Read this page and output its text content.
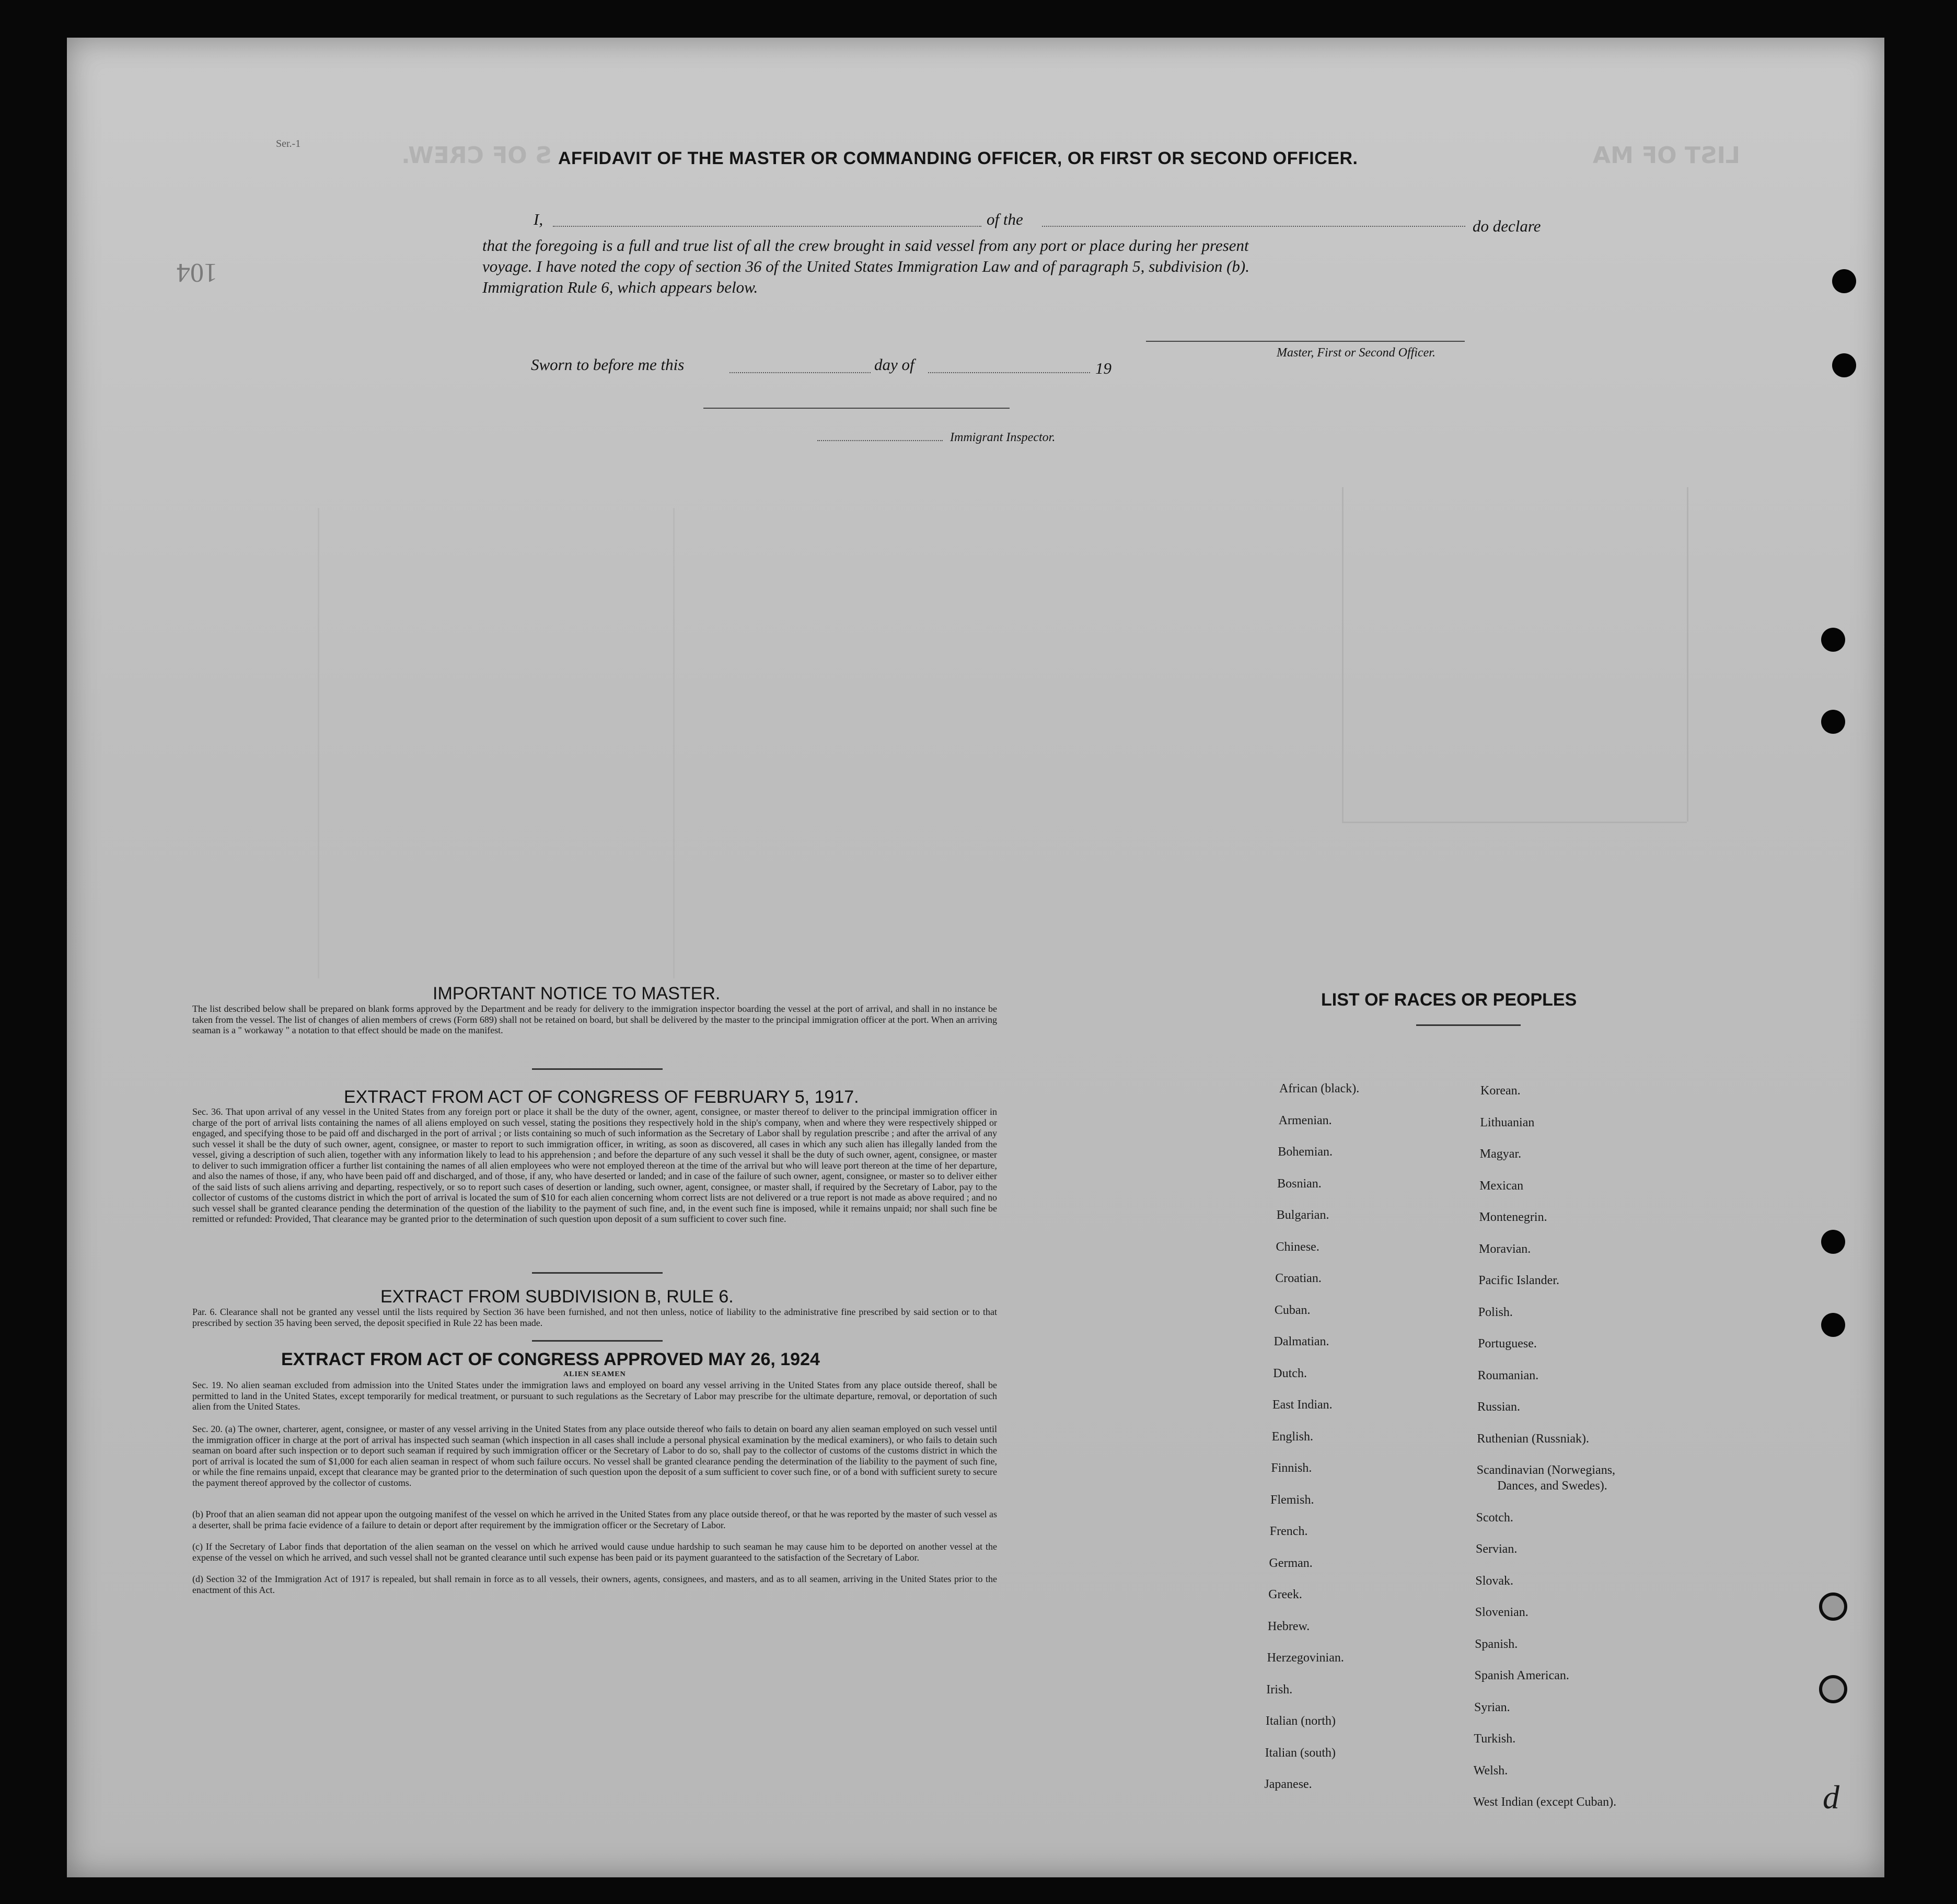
LIST OF MA
S OF CREW.
Ser.-1
104
AFFIDAVIT OF THE MASTER OR COMMANDING OFFICER, OR FIRST OR SECOND OFFICER.
I,	of the	do declare
that the foregoing is a full and true list of all the crew brought in said vessel from any port or place during her present
voyage. I have noted the copy of section 36 of the United States Immigration Law and of paragraph 5, subdivision (b).
Immigration Rule 6, which appears below.
Master, First or Second Officer.
Sworn to before me this	day of	19
Immigrant Inspector.
IMPORTANT NOTICE TO MASTER.
The list described below shall be prepared on blank forms approved by the Department and be ready for delivery to the immigration inspector boarding the vessel at the port of arrival, and shall in no instance be taken from the vessel. The list of changes of alien members of crews (Form 689) shall not be retained on board, but shall be delivered by the master to the principal immigration officer at the port. When an arriving seaman is a " workaway " a notation to that effect should be made on the manifest.
EXTRACT FROM ACT OF CONGRESS OF FEBRUARY 5, 1917.
Sec. 36. That upon arrival of any vessel in the United States from any foreign port or place it shall be the duty of the owner, agent, consignee, or master thereof to deliver to the principal immigration officer in charge of the port of arrival lists containing the names of all aliens employed on such vessel, stating the positions they respectively hold in the ship's company, when and where they were respectively shipped or engaged, and specifying those to be paid off and discharged in the port of arrival ; or lists containing so much of such information as the Secretary of Labor shall by regulation prescribe ; and after the arrival of any such vessel it shall be the duty of such owner, agent, consignee, or master to report to such immigration officer, in writing, as soon as discovered, all cases in which any such alien has illegally landed from the vessel, giving a description of such alien, together with any information likely to lead to his apprehension ; and before the departure of any such vessel it shall be the duty of such owner, agent, consignee, or master to deliver to such immigration officer a further list containing the names of all alien employees who were not employed thereon at the time of the arrival but who will leave port thereon at the time of her departure, and also the names of those, if any, who have been paid off and discharged, and of those, if any, who have deserted or landed; and in case of the failure of such owner, agent, consignee, or master so to deliver either of the said lists of such aliens arriving and departing, respectively, or so to report such cases of desertion or landing, such owner, agent, consignee, or master shall, if required by the Secretary of Labor, pay to the collector of customs of the customs district in which the port of arrival is located the sum of $10 for each alien concerning whom correct lists are not delivered or a true report is not made as above required ; and no such vessel shall be granted clearance pending the determination of the question of the liability to the payment of such fine, and, in the event such fine is imposed, while it remains unpaid; nor shall such fine be remitted or refunded: Provided, That clearance may be granted prior to the determination of such question upon deposit of a sum sufficient to cover such fine.
EXTRACT FROM SUBDIVISION B, RULE 6.
Par. 6. Clearance shall not be granted any vessel until the lists required by Section 36 have been furnished, and not then unless, notice of liability to the administrative fine prescribed by said section or to that prescribed by section 35 having been served, the deposit specified in Rule 22 has been made.
EXTRACT FROM ACT OF CONGRESS APPROVED MAY 26, 1924
ALIEN SEAMEN
Sec. 19. No alien seaman excluded from admission into the United States under the immigration laws and employed on board any vessel arriving in the United States from any place outside thereof, shall be permitted to land in the United States, except temporarily for medical treatment, or pursuant to such regulations as the Secretary of Labor may prescribe for the ultimate departure, removal, or deportation of such alien from the United States.
Sec. 20. (a) The owner, charterer, agent, consignee, or master of any vessel arriving in the United States from any place outside thereof who fails to detain on board any alien seaman employed on such vessel until the immigration officer in charge at the port of arrival has inspected such seaman (which inspection in all cases shall include a personal physical examination by the medical examiners), or who fails to detain such seaman on board after such inspection or to deport such seaman if required by such immigration officer or the Secretary of Labor to do so, shall pay to the collector of customs of the customs district in which the port of arrival is located the sum of $1,000 for each alien seaman in respect of whom such failure occurs. No vessel shall be granted clearance pending the determination of the liability to the payment of such fine, or while the fine remains unpaid, except that clearance may be granted prior to the determination of such question upon the deposit of a sum sufficient to cover such fine, or of a bond with sufficient surety to secure the payment thereof approved by the collector of customs.
(b) Proof that an alien seaman did not appear upon the outgoing manifest of the vessel on which he arrived in the United States from any place outside thereof, or that he was reported by the master of such vessel as a deserter, shall be prima facie evidence of a failure to detain or deport after requirement by the immigration officer or the Secretary of Labor.
(c) If the Secretary of Labor finds that deportation of the alien seaman on the vessel on which he arrived would cause undue hardship to such seaman he may cause him to be deported on another vessel at the expense of the vessel on which he arrived, and such vessel shall not be granted clearance until such expense has been paid or its payment guaranteed to the satisfaction of the Secretary of Labor.
(d) Section 32 of the Immigration Act of 1917 is repealed, but shall remain in force as to all vessels, their owners, agents, consignees, and masters, and as to all seamen, arriving in the United States prior to the enactment of this Act.
LIST OF RACES OR PEOPLES
African (black).
Armenian.
Bohemian.
Bosnian.
Bulgarian.
Chinese.
Croatian.
Cuban.
Dalmatian.
Dutch.
East Indian.
English.
Finnish.
Flemish.
French.
German.
Greek.
Hebrew.
Herzegovinian.
Irish.
Italian (north)
Italian (south)
Japanese.	d
Korean.
Lithuanian
Magyar.
Mexican
Montenegrin.
Moravian.
Pacific Islander.
Polish.
Portuguese.
Roumanian.
Russian.
Ruthenian (Russniak).
Scandinavian (Norwegians,
Dances, and Swedes).
Scotch.
Servian.
Slovak.
Slovenian.
Spanish.
Spanish American.
Syrian.
Turkish.
Welsh.
West Indian (except Cuban).
